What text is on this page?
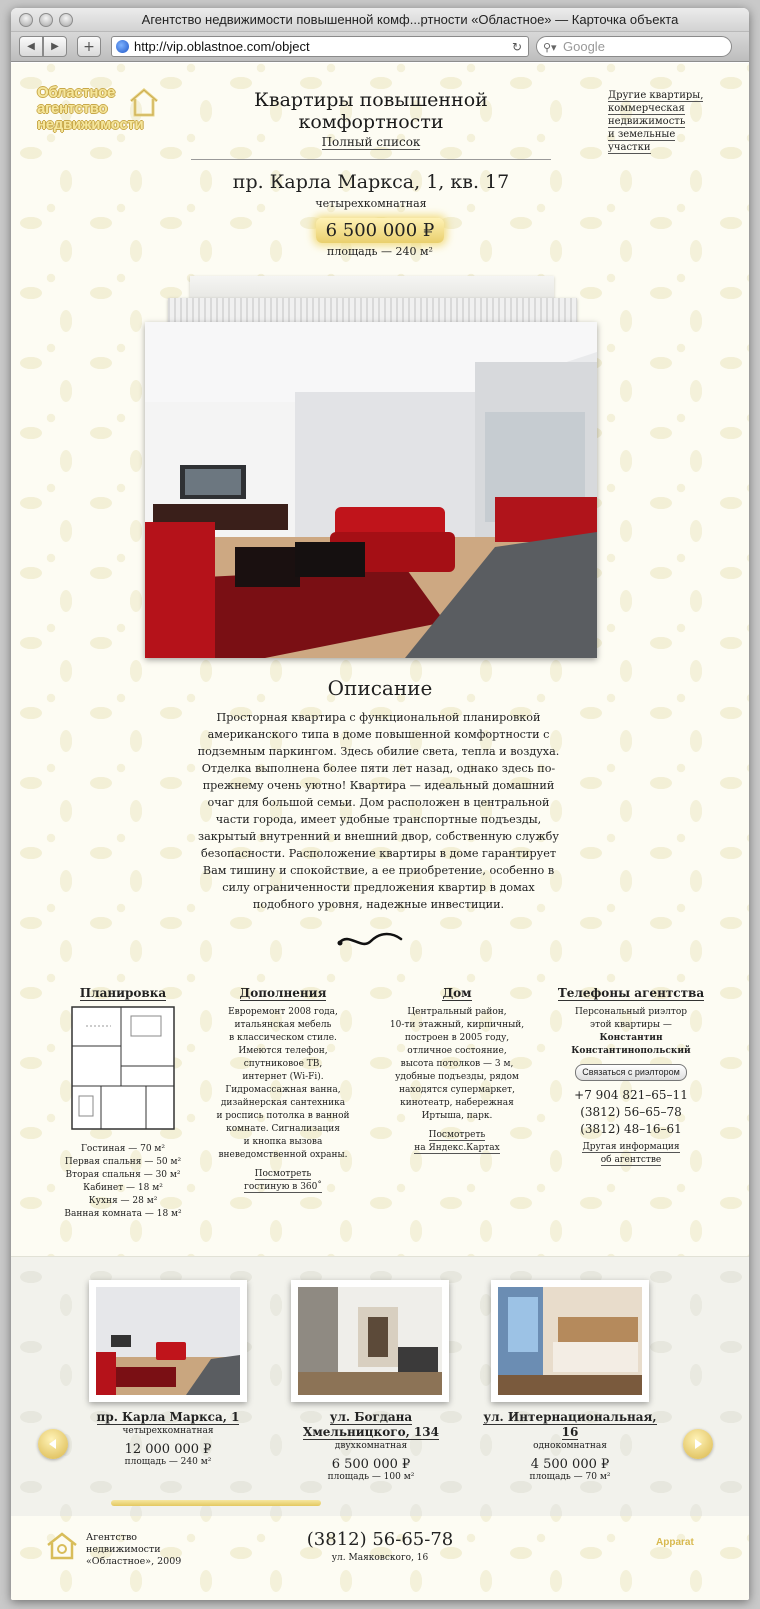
Агентство недвижимости повышенной комф...ртности «Областное» — Карточка объекта
◀ ▶ +	http://vip.oblastnoe.com/object	↻ ⚲▾ Google
Областное
агентство
недвижимости
Квартиры повышенной комфортности
Полный список
Другие квартиры,
коммерческая
недвижимость
и земельные
участки
пр. Карла Маркса, 1, кв. 17
четырехкомнатная
6 500 000 ₽
площадь — 240 м²
Описание
Просторная квартира с функциональной планировкой американского типа в доме повышенной комфортности с подземным паркингом. Здесь обилие света, тепла и воздуха. Отделка выполнена более пяти лет назад, однако здесь по-прежнему очень уютно! Квартира — идеальный домашний очаг для большой семьи. Дом расположен в центральной части города, имеет удобные транспортные подъезды, закрытый внутренний и внешний двор, собственную службу безопасности. Расположение квартиры в доме гарантирует Вам тишину и спокойствие, а ее приобретение, особенно в силу ограниченности предложения квартир в домах подобного уровня, надежные инвестиции.
Планировка
Гостиная — 70 м²
Первая спальня — 50 м²
Вторая спальня — 30 м²
Кабинет — 18 м²
Кухня — 28 м²
Ванная комната — 18 м²
Дополнения
Евроремонт 2008 года,
итальянская мебель
в классическом стиле.
Имеются телефон,
спутниковое ТВ,
интернет (Wi-Fi).
Гидромассажная ванна,
дизайнерская сантехника
и роспись потолка в ванной
комнате. Сигнализация
и кнопка вызова
вневедомственной охраны.
Посмотреть
гостиную в 360˚
Дом
Центральный район,
10-ти этажный, кирпичный,
построен в 2005 году,
отличное состояние,
высота потолков — 3 м,
удобные подъезды, рядом
находятся супермаркет,
кинотеатр, набережная
Иртыша, парк.
Посмотреть
на Яндекс.Картах
Телефоны агентства
Персональный риэлтор
этой квартиры —
Константин
Константинопольский
Связаться с риэлтором
+7 904 821–65–11
(3812) 56–65–78
(3812) 48–16–61
Другая информация
об агентстве
пр. Карла Маркса, 1
четырехкомнатная
12 000 000 ₽
площадь — 240 м²
ул. Богдана Хмельницкого, 134
двухкомнатная
6 500 000 ₽
площадь — 100 м²
ул. Интернациональная, 16
однокомнатная
4 500 000 ₽
площадь — 70 м²
Агентство
недвижимости
«Областное», 2009
(3812) 56-65-78
ул. Маяковского, 16
Apparat
